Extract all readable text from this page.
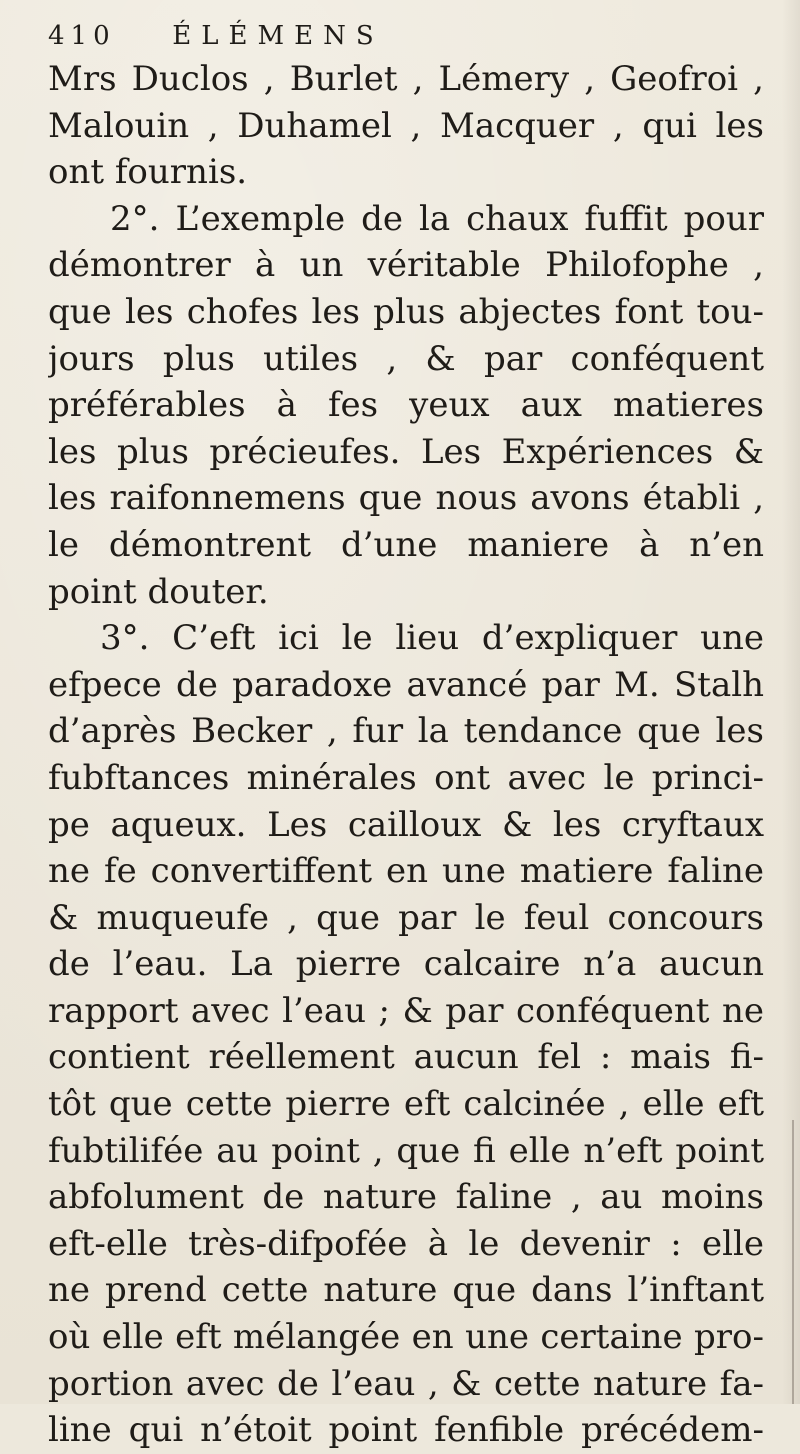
410 ÉLÉMENS
Mrs Duclos , Burlet , Lémery , Geofroi ,
Malouin , Duhamel , Macquer , qui les
ont fournis.
2°. L’exemple de la chaux fuffit pour
démontrer à un véritable Philofophe ,
que les chofes les plus abjectes font tou-
jours plus utiles , & par conféquent
préférables à fes yeux aux matieres
les plus précieufes. Les Expériences &
les raifonnemens que nous avons établi ,
le démontrent d’une maniere à n’en
point douter.
3°. C’eft ici le lieu d’expliquer une
efpece de paradoxe avancé par M. Stalh
d’après Becker , fur la tendance que les
fubftances minérales ont avec le princi-
pe aqueux. Les cailloux & les cryftaux
ne fe convertiffent en une matiere faline
& muqueufe , que par le feul concours
de l’eau. La pierre calcaire n’a aucun
rapport avec l’eau ; & par conféquent ne
contient réellement aucun fel : mais fi-
tôt que cette pierre eft calcinée , elle eft
fubtilifée au point , que fi elle n’eft point
abfolument de nature faline , au moins
eft-elle très-difpofée à le devenir : elle
ne prend cette nature que dans l’inftant
où elle eft mélangée en une certaine pro-
portion avec de l’eau , & cette nature fa-
line qui n’étoit point fenfible précédem-
